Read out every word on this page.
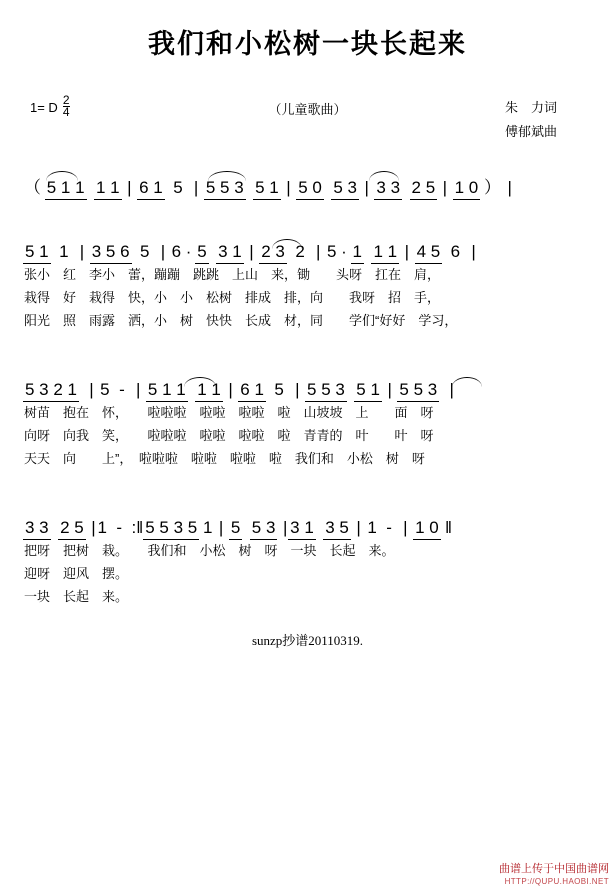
我们和小松树一块长起来
1= D $\frac{2}{4}$	（儿童歌曲）	朱　力词
傅郁斌曲
（ 5 1 1 1 1 | 6 1  5  | 5 5 3 5 1 | 5 0 5 3 | 3 3 2 5 | 1 0 ） |
5 1  1  | 3 5 6  5  | 6 · 5 3 1 | 2 3  2  | 5 · 1 1 1 | 4 5  6  |
张小　红　李小　蕾，蹦蹦　跳跳　上山　来，锄　　头呀　扛在　肩，
栽得　好　栽得　快，小　小　松树　排成　排，向　　我呀　招　手，
阳光　照　雨露　洒，小　树　快快　长成　材，同　　学们“好好　学习，
5 3 2 1 | 5  -  | 5 1 1 1 1 | 6 1  5  | 5 5 3 5 1 | 5 5 3 |
树苗　抱在　怀，　　啦啦啦　啦啦　啦啦　啦　山坡坡　上　　面　呀
向呀　向我　笑，　　啦啦啦　啦啦　啦啦　啦　青青的　叶　　叶　呀
天天　向　　上”，　啦啦啦　啦啦　啦啦　啦　我们和　小松　树　呀
3 3 2 5 | 1  -  :‖ 5 5 3 5 1 | 5 5 3 | 3 1 3 5 | 1  -  | 1 0 ‖
把呀　把树　栽。　　我们和　小松　树　呀　一块　长起　来。
迎呀　迎风　摆。
一块　长起　来。
sunzp抄谱20110319.
曲谱上传于中国曲谱网
HTTP://QUPU.HAOBI.NET
